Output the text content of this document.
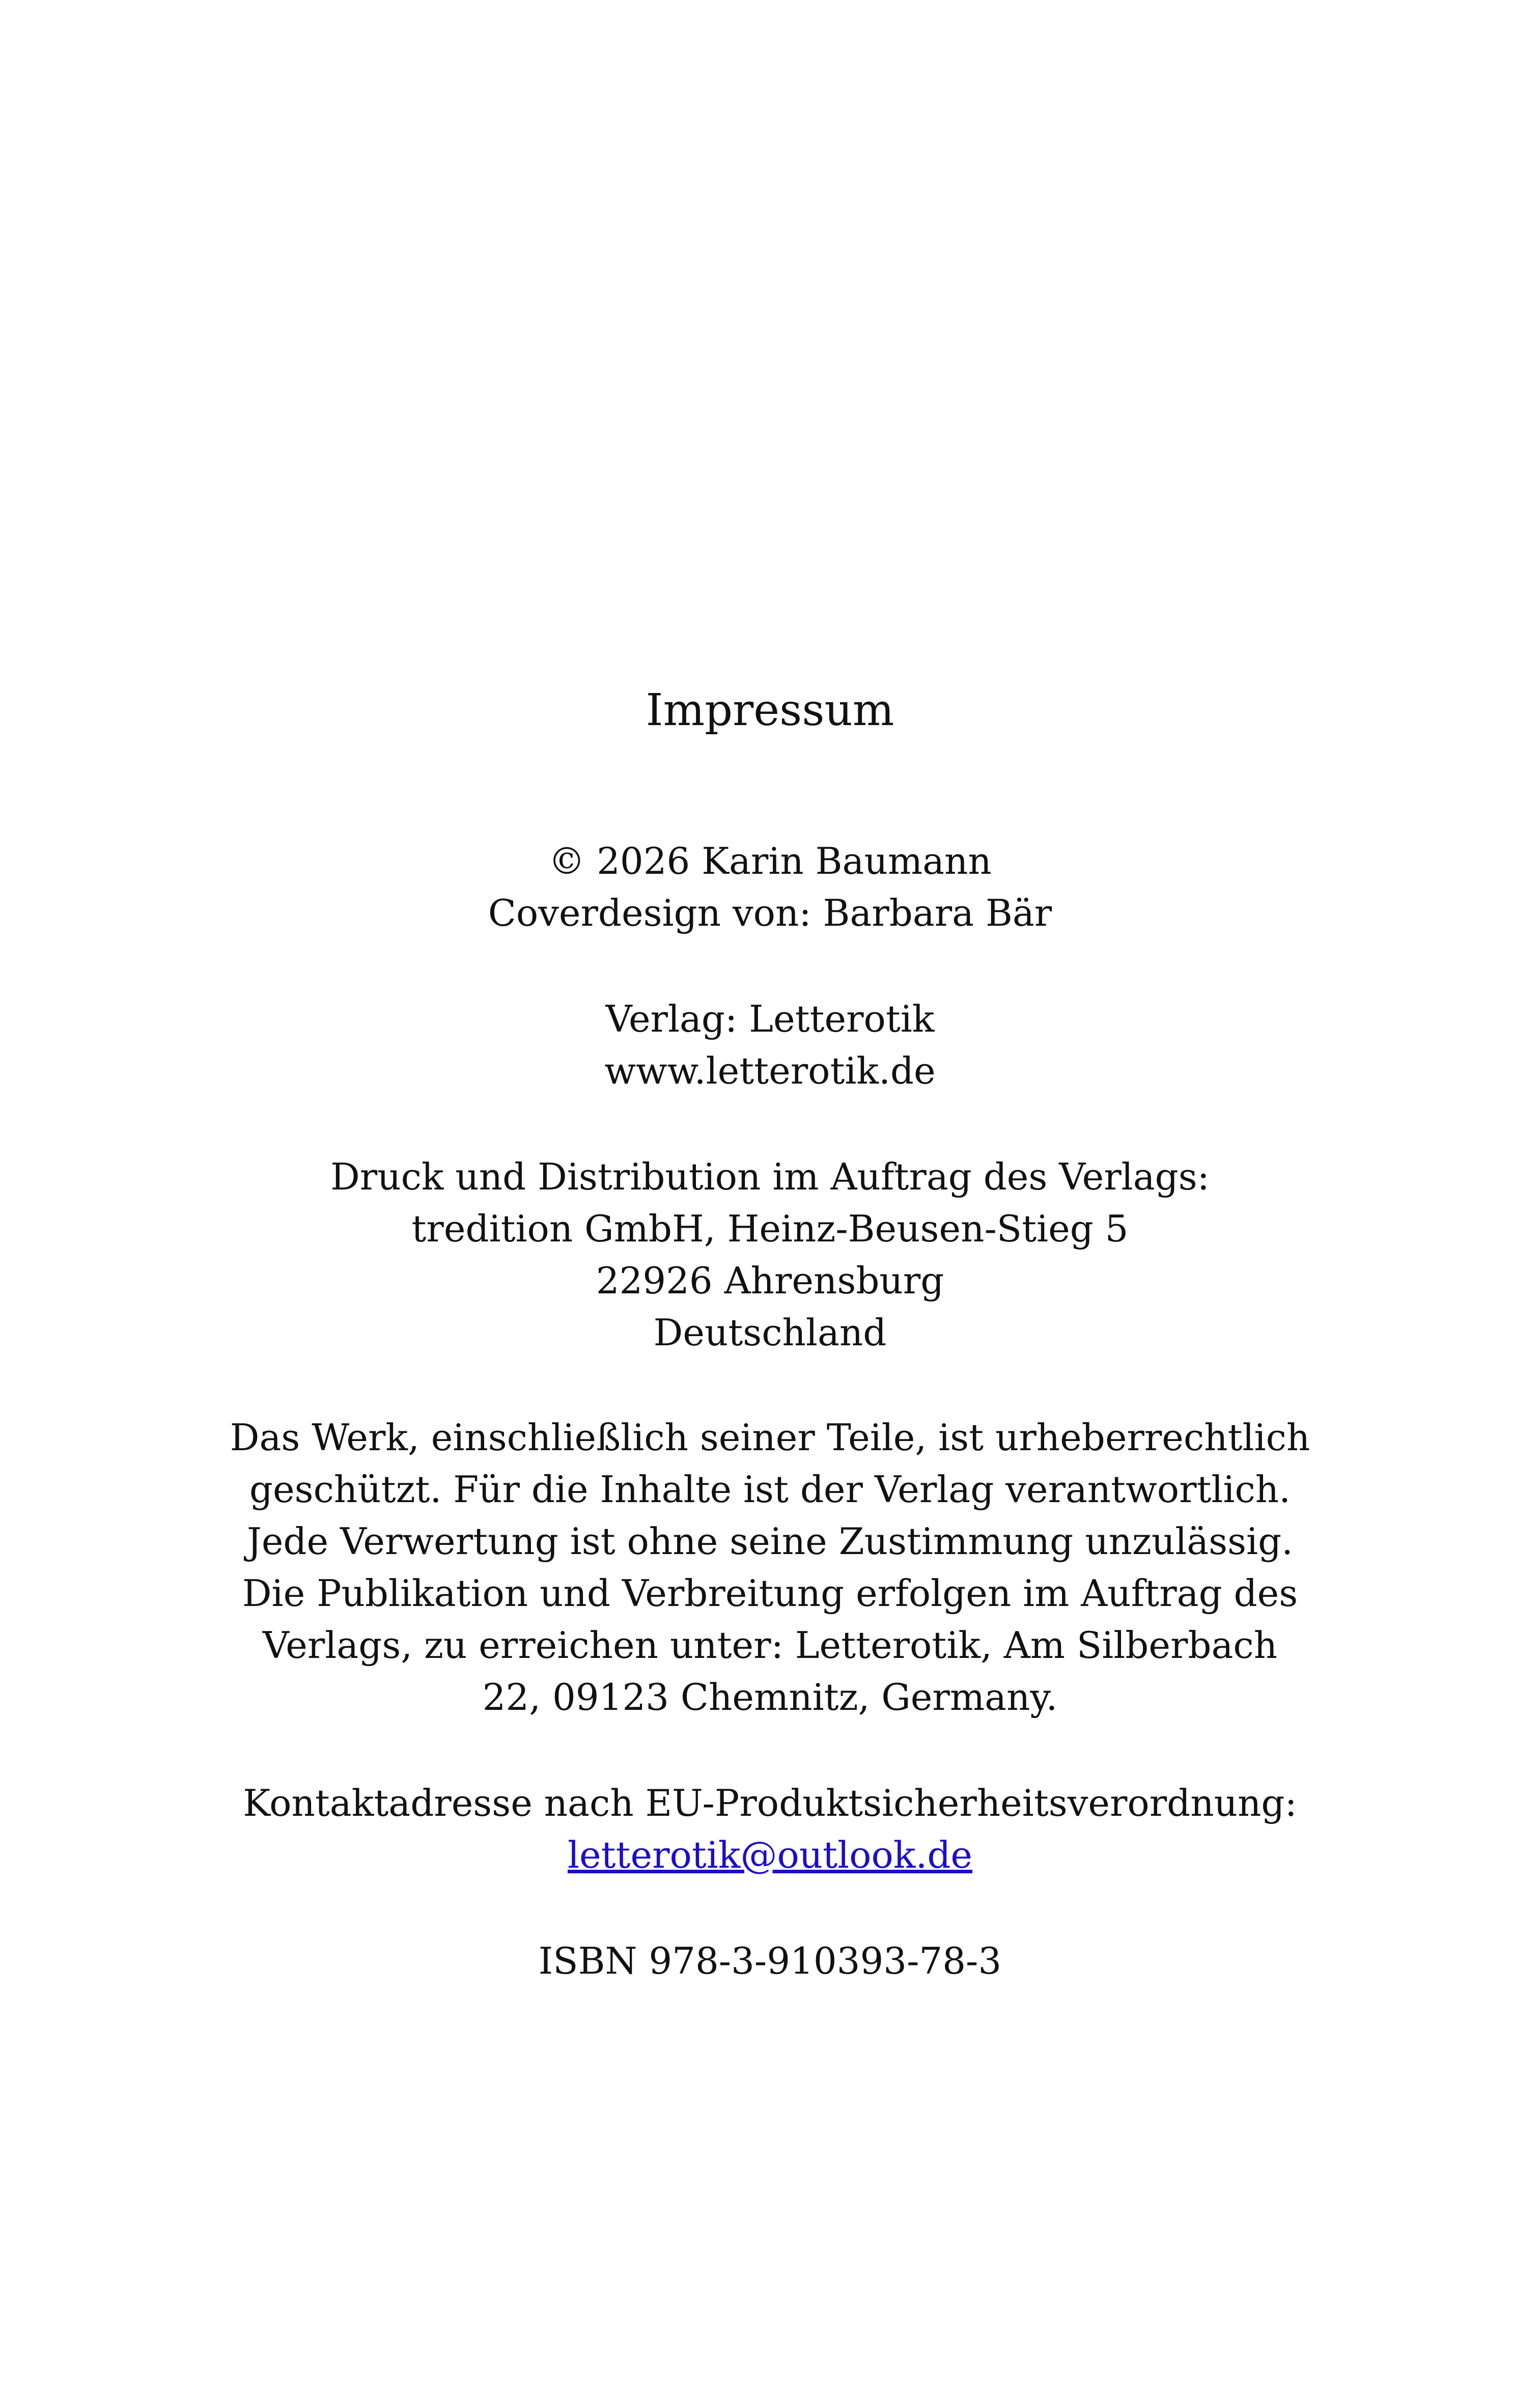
Impressum
© 2026 Karin Baumann
Coverdesign von: Barbara Bär
Verlag: Letterotik
www.letterotik.de
Druck und Distribution im Auftrag des Verlags:
tredition GmbH, Heinz-Beusen-Stieg 5
22926 Ahrensburg
Deutschland
Das Werk, einschließlich seiner Teile, ist urheberrechtlich geschützt. Für die Inhalte ist der Verlag verantwortlich. Jede Verwertung ist ohne seine Zustimmung unzulässig. Die Publikation und Verbreitung erfolgen im Auftrag des Verlags, zu erreichen unter: Letterotik, Am Silberbach 22, 09123 Chemnitz, Germany.
Kontaktadresse nach EU-Produktsicherheitsverordnung:
letterotik@outlook.de
ISBN 978-3-910393-78-3
